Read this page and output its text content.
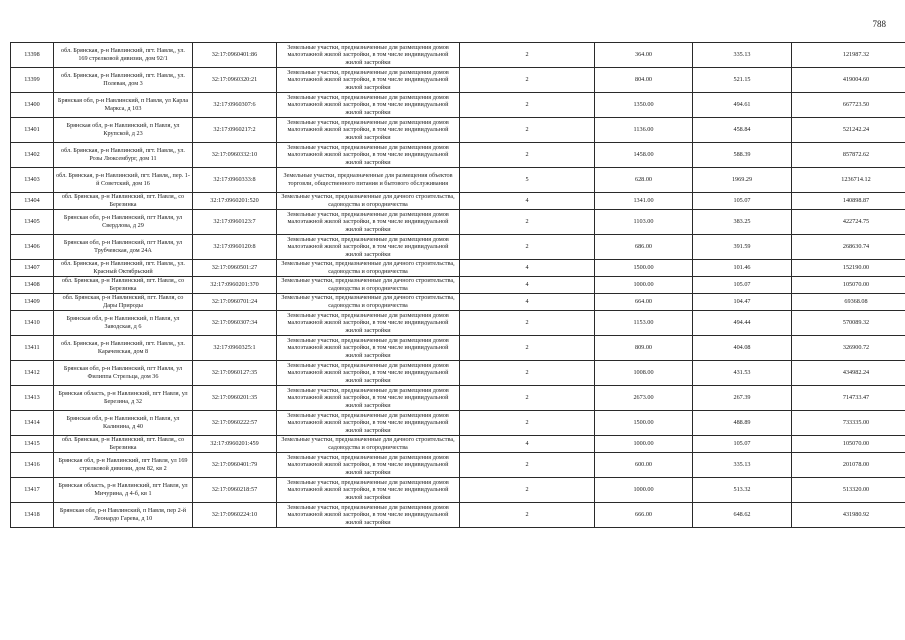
788
13398	обл. Брянская, р-н Навлинский, пгт. Навля,, ул. 169 стрелковой дивизии, дом 92/1	32:17:0960401:86	Земельные участки, предназначенные для размещения домов малоэтажной жилой застройки, в том числе индивидуальной жилой застройки	2	364.00	335.13	121987.32
13399	обл. Брянская, р-н Навлинский, пгт. Навля,, ул. Полевая, дом 3	32:17:0960320:21	Земельные участки, предназначенные для размещения домов малоэтажной жилой застройки, в том числе индивидуальной жилой застройки	2	804.00	521.15	419004.60
13400	Брянская обл, р-н Навлинский, п Навля, ул Карла Маркса, д 103	32:17:0960307:6	Земельные участки, предназначенные для размещения домов малоэтажной жилой застройки, в том числе индивидуальной жилой застройки	2	1350.00	494.61	667723.50
13401	Брянская обл, р-н Навлинский, п Навля, ул Крупской, д 23	32:17:0960217:2	Земельные участки, предназначенные для размещения домов малоэтажной жилой застройки, в том числе индивидуальной жилой застройки	2	1136.00	458.84	521242.24
13402	обл. Брянская, р-н Навлинский, пгт. Навля,, ул. Розы Люксембург, дом 11	32:17:0960332:10	Земельные участки, предназначенные для размещения домов малоэтажной жилой застройки, в том числе индивидуальной жилой застройки	2	1458.00	588.39	857872.62
13403	обл. Брянская, р-н Навлинский, пгт. Навля,, пер. 1-й Советский, дом 16	32:17:0960333:8	Земельные участки, предназначенные для размещения объектов торговли, общественного питания и бытового обслуживания	5	628.00	1969.29	1236714.12
13404	обл. Брянская, р-н Навлинский, пгт. Навля,, со Березинка	32:17:0960201:520	Земельные участки, предназначенные для дачного строительства, садоводства и огородничества	4	1341.00	105.07	140898.87
13405	Брянская обл, р-н Навлинский, пгт Навля, ул Свердлова, д 29	32:17:0960123:7	Земельные участки, предназначенные для размещения домов малоэтажной жилой застройки, в том числе индивидуальной жилой застройки	2	1103.00	383.25	422724.75
13406	Брянская обл, р-н Навлинский, пгт Навля, ул Трубчевская, дом 24А	32:17:0960120:8	Земельные участки, предназначенные для размещения домов малоэтажной жилой застройки, в том числе индивидуальной жилой застройки	2	686.00	391.59	268630.74
13407	обл. Брянская, р-н Навлинский, пгт. Навля,, ул. Красный Октябрьский	32:17:0960501:27	Земельные участки, предназначенные для дачного строительства, садоводства и огородничества	4	1500.00	101.46	152190.00
13408	обл. Брянская, р-н Навлинский, пгт. Навля,, со Березинка	32:17:0960201:370	Земельные участки, предназначенные для дачного строительства, садоводства и огородничества	4	1000.00	105.07	105070.00
13409	обл. Брянская, р-н Навлинский, пгт. Навля, со Дары Природы	32:17:0960701:24	Земельные участки, предназначенные для дачного строительства, садоводства и огородничества	4	664.00	104.47	69368.08
13410	Брянская обл, р-н Навлинский, п Навля, ул Заводская, д 6	32:17:0960307:34	Земельные участки, предназначенные для размещения домов малоэтажной жилой застройки, в том числе индивидуальной жилой застройки	2	1153.00	494.44	570089.32
13411	обл. Брянская, р-н Навлинский, пгт. Навля,, ул. Карачевская, дом 8	32:17:0960325:1	Земельные участки, предназначенные для размещения домов малоэтажной жилой застройки, в том числе индивидуальной жилой застройки	2	809.00	404.08	326900.72
13412	Брянская обл, р-н Навлинский, пгт Навля, ул Филиппа Стрельца, дом 36	32:17:0960127:35	Земельные участки, предназначенные для размещения домов малоэтажной жилой застройки, в том числе индивидуальной жилой застройки	2	1008.00	431.53	434982.24
13413	Брянская область, р-н Навлинский, пгт Навля, ул Березина, д 32	32:17:0960201:35	Земельные участки, предназначенные для размещения домов малоэтажной жилой застройки, в том числе индивидуальной жилой застройки	2	2673.00	267.39	714733.47
13414	Брянская обл, р-н Навлинский, п Навля, ул Калинина, д 40	32:17:0960222:57	Земельные участки, предназначенные для размещения домов малоэтажной жилой застройки, в том числе индивидуальной жилой застройки	2	1500.00	488.89	733335.00
13415	обл. Брянская, р-н Навлинский, пгт. Навля,, со Березинка	32:17:0960201:459	Земельные участки, предназначенные для дачного строительства, садоводства и огородничества	4	1000.00	105.07	105070.00
13416	Брянская обл, р-н Навлинский, пгт Навля, ул 169 стрелковой дивизии, дом 82, кв 2	32:17:0960401:79	Земельные участки, предназначенные для размещения домов малоэтажной жилой застройки, в том числе индивидуальной жилой застройки	2	600.00	335.13	201078.00
13417	Брянская область, р-н Навлинский, пгт Навля, ул Мичурина, д 4-б, кв 1	32:17:0960218:57	Земельные участки, предназначенные для размещения домов малоэтажной жилой застройки, в том числе индивидуальной жилой застройки	2	1000.00	513.32	513320.00
13418	Брянская обл, р-н Навлинский, п Навля, пер 2-й Леонардо Гарева, д 10	32:17:0960224:10	Земельные участки, предназначенные для размещения домов малоэтажной жилой застройки, в том числе индивидуальной жилой застройки	2	666.00	648.62	431980.92
